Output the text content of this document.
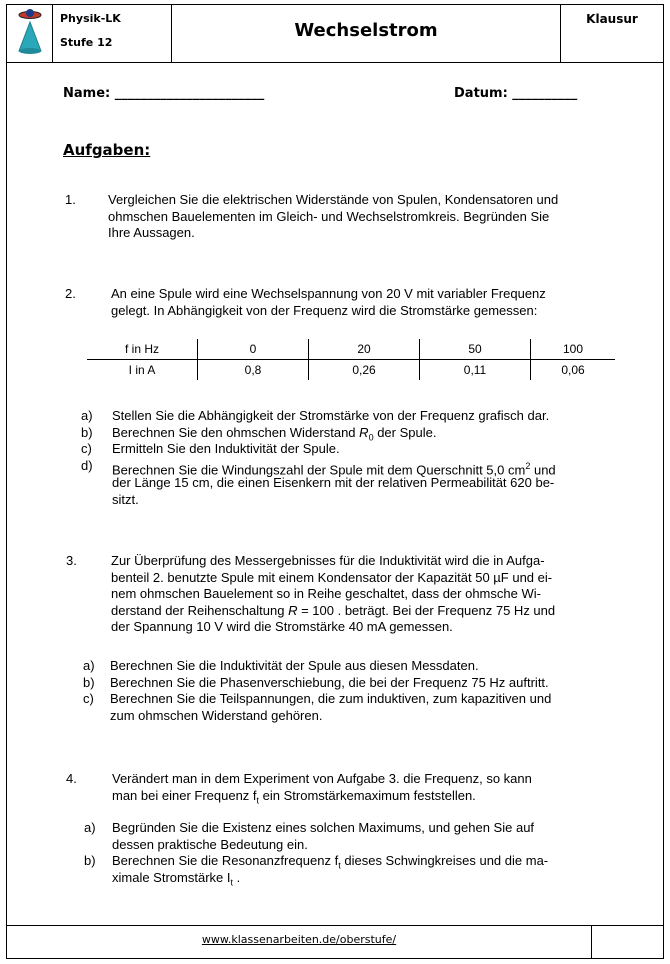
Physik-LK
Stufe 12
Wechselstrom
Klausur
Name: _______________________	Datum: __________
Aufgaben:
1. Vergleichen Sie die elektrischen Widerstände von Spulen, Kondensatoren und
ohmschen Bauelementen im Gleich- und Wechselstromkreis. Begründen Sie
Ihre Aussagen.
2.	An eine Spule wird eine Wechselspannung von 20 V mit variabler Frequenz
gelegt. In Abhängigkeit von der Frequenz wird die Stromstärke gemessen:
f in Hz	0	20	50	100
I in A	0,8	0,26	0,11	0,06
a) Stellen Sie die Abhängigkeit der Stromstärke von der Frequenz grafisch dar.
b) Berechnen Sie den ohmschen Widerstand $R_0$ der Spule.
c) Ermitteln Sie den Induktivität der Spule.
d) Berechnen Sie die Windungszahl der Spule mit dem Querschnitt 5,0 $cm^2$ und
der Länge 15 cm, die einen Eisenkern mit der relativen Permeabilität 620 be-
sitzt.
3.	Zur Überprüfung des Messergebnisses für die Induktivität wird die in Aufga-
benteil 2. benutzte Spule mit einem Kondensator der Kapazität 50 µF und ei-
nem ohmschen Bauelement so in Reihe geschaltet, dass der ohmsche Wi-
derstand der Reihenschaltung R = 100 . beträgt. Bei der Frequenz 75 Hz und
der Spannung 10 V wird die Stromstärke 40 mA gemessen.
a) Berechnen Sie die Induktivität der Spule aus diesen Messdaten.
b) Berechnen Sie die Phasenverschiebung, die bei der Frequenz 75 Hz auftritt.
c) Berechnen Sie die Teilspannungen, die zum induktiven, zum kapazitiven und
zum ohmschen Widerstand gehören.
4.	Verändert man in dem Experiment von Aufgabe 3. die Frequenz, so kann
man bei einer Frequenz $f_t$ ein Stromstärkemaximum feststellen.
a) Begründen Sie die Existenz eines solchen Maximums, und gehen Sie auf
dessen praktische Bedeutung ein.
b) Berechnen Sie die Resonanzfrequenz $f_t$ dieses Schwingkreises und die ma-
ximale Stromstärke $I_t$ .
www.klassenarbeiten.de/oberstufe/
